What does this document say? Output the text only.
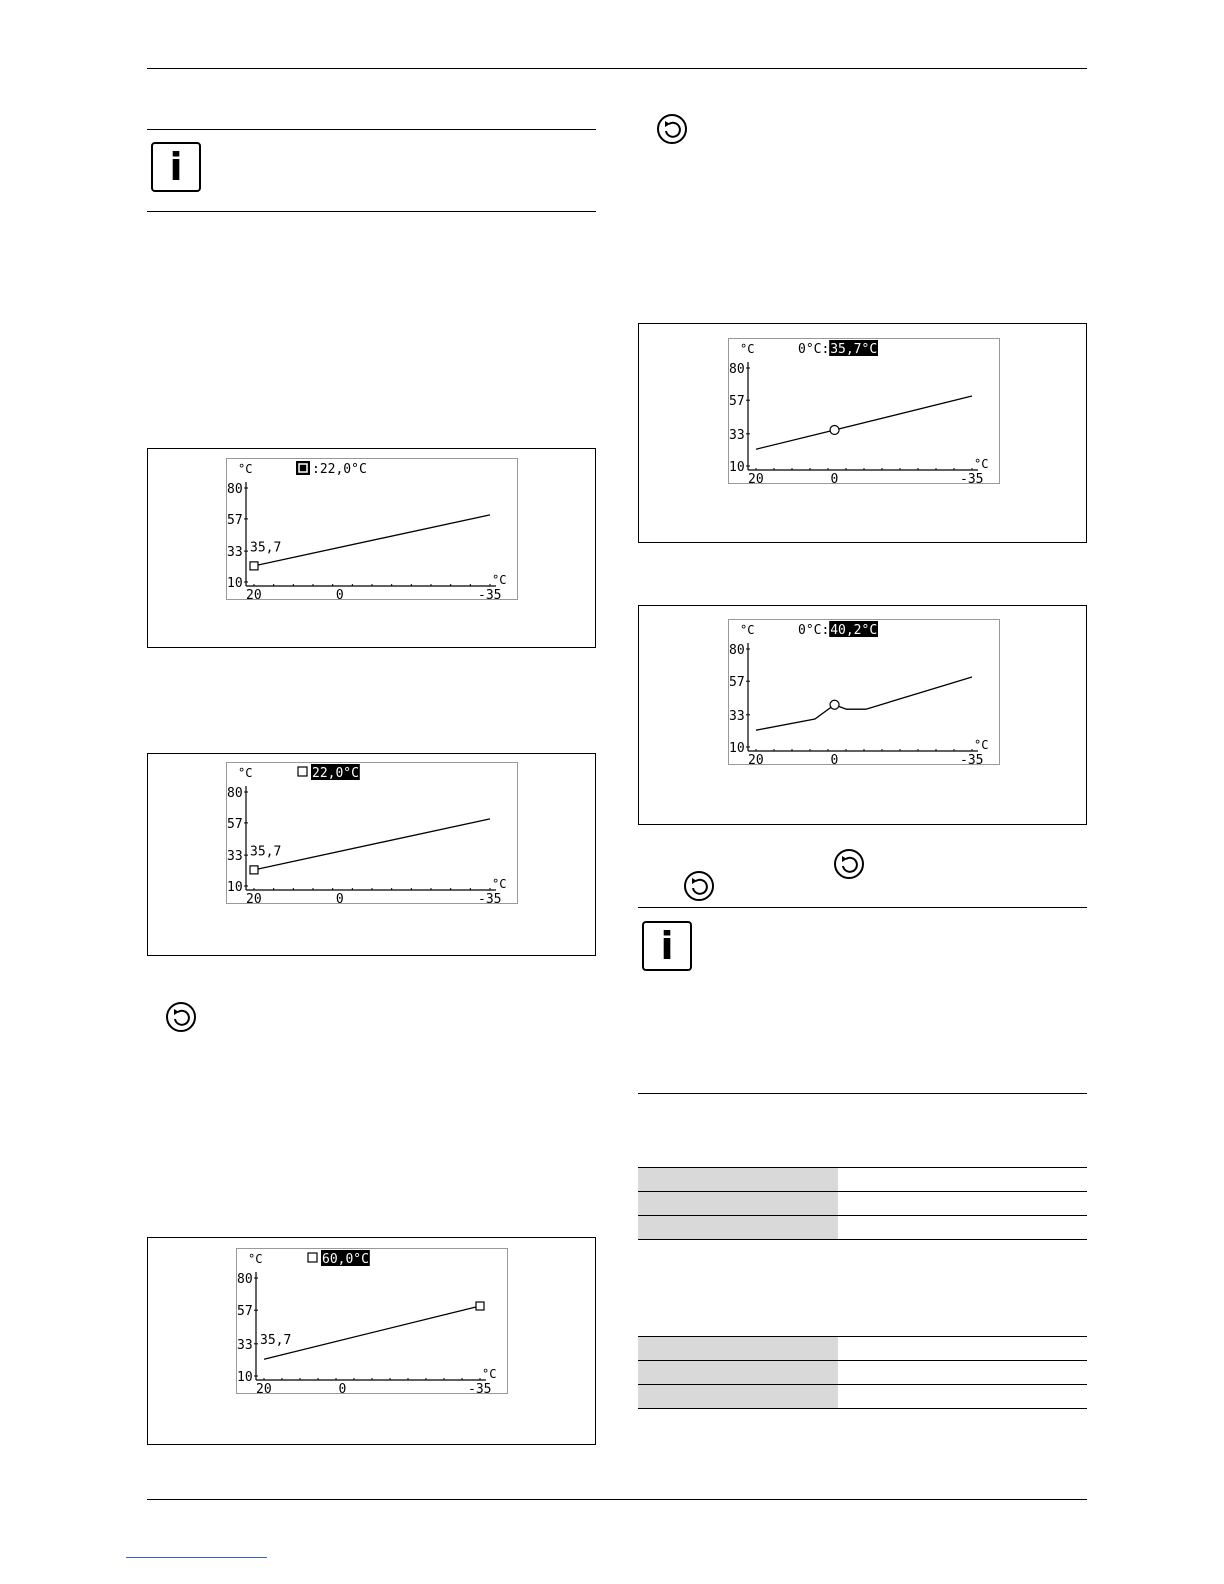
i
°C	:22,0°C
80
57
33
10
20	0	-35
°C
35,7
°C	22,0°C
80
57
33
10
20	0	-35
°C
35,7
°C	60,0°C
80
57
33
10
20	0	-35
°C
35,7
°C	0°C: 35,7°C
80
57
33
10
20	0	-35
°C
°C	0°C: 40,2°C
80
57
33
10
20	0	-35
°C
i
